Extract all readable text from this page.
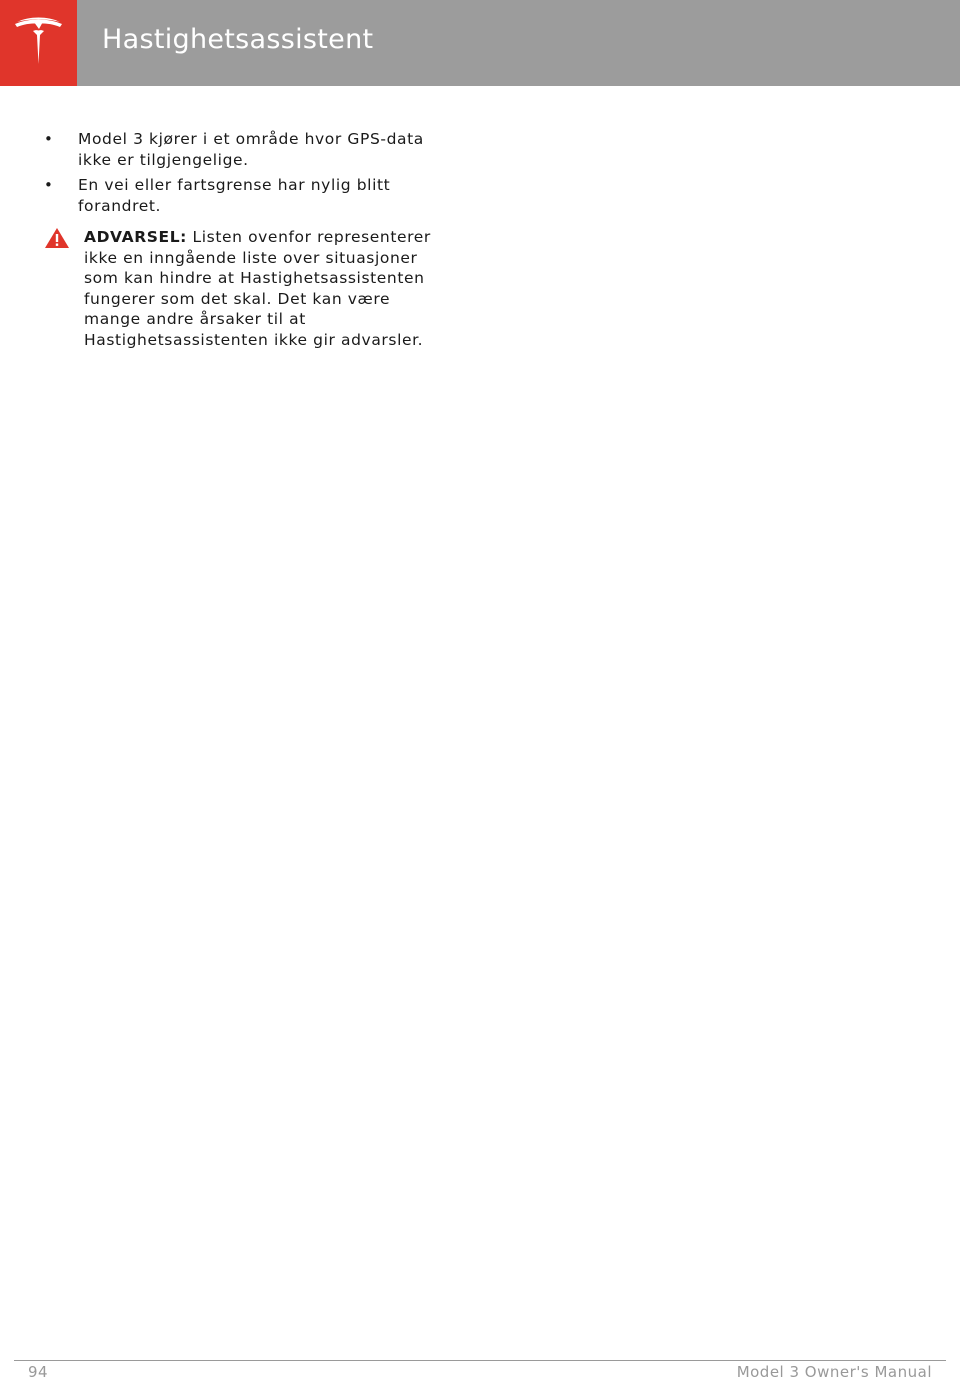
Hastighetsassistent
• Model 3 kjører i et område hvor GPS-data ikke er tilgjengelige.
• En vei eller fartsgrense har nylig blitt forandret.
ADVARSEL: Listen ovenfor representerer ikke en inngående liste over situasjoner som kan hindre at Hastighetsassistenten fungerer som det skal. Det kan være mange andre årsaker til at Hastighetsassistenten ikke gir advarsler.
94	Model 3 Owner's Manual
